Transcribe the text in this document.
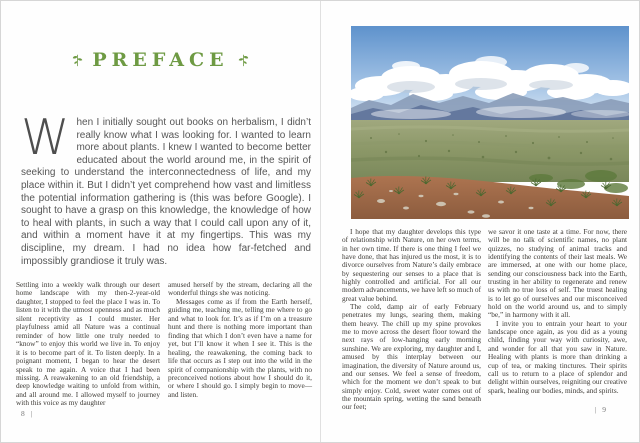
PREFACE

When I initially sought out books on herbalism, I didn’t really know what I was looking for. I wanted to learn more about plants. I knew I wanted to become better educated about the world around me, in the spirit of seeking to understand the interconnectedness of life, and my place within it. But I didn’t yet comprehend how vast and limitless the potential information gathering is (this was before Google). I sought to have a grasp on this knowledge, the knowledge of how to heal with plants, in such a way that I could call upon any of it, and within a moment have it at my fingertips. This was my discipline, my dream. I had no idea how far-fetched and impossibly grandiose it truly was.

Settling into a weekly walk through our desert home landscape with my then-2-year-old daughter, I stopped to feel the place I was in. To listen to it with the utmost openness and as much silent receptivity as I could muster. Her playfulness amid all Nature was a continual reminder of how little one truly needed to “know” to enjoy this world we live in. To enjoy it is to become part of it. To listen deeply. In a poignant moment, I began to hear the desert speak to me again. A voice that I had been missing. A reawakening to an old friendship, a deep knowledge waiting to unfold from within, and all around me. I allowed myself to journey with this voice as my daughter

amused herself by the stream, declaring all the wonderful things she was noticing.

Messages come as if from the Earth herself, guiding me, teaching me, telling me where to go and what to look for. It’s as if I’m on a treasure hunt and there is nothing more important than finding that which I don’t even have a name for yet, but I’ll know it when I see it. This is the healing, the reawakening, the coming back to life that occurs as I step out into the wild in the spirit of companionship with the plants, with no preconceived notions about how I should do it, or where I should go. I simply begin to move—and listen.

8 |

I hope that my daughter develops this type of relationship with Nature, on her own terms, in her own time. If there is one thing I feel we have done, that has injured us the most, it is to divorce ourselves from Nature’s daily embrace by sequestering our senses to a place that is highly controlled and artificial. For all our modern advancements, we have left so much of great value behind.

The cold, damp air of early February penetrates my lungs, searing them, making them heavy. The chill up my spine provokes me to move across the desert floor toward the next rays of low-hanging early morning sunshine. We are exploring, my daughter and I, amused by this interplay between our imagination, the diversity of Nature around us, and our senses. We feel a sense of freedom, which for the moment we don’t speak to but simply enjoy. Cold, sweet water comes out of the mountain spring, wetting the sand beneath our feet;

we savor it one taste at a time. For now, there will be no talk of scientific names, no plant quizzes, no studying of animal tracks and identifying the contents of their last meals. We are immersed, at one with our home place, sending our consciousness back into the Earth, trusting in her ability to regenerate and renew us with no true loss of self. The truest healing is to let go of ourselves and our misconceived hold on the world around us, and to simply “be,” in harmony with it all.

I invite you to entrain your heart to your landscape once again, as you did as a young child, finding your way with curiosity, awe, and wonder for all that you saw in Nature. Healing with plants is more than drinking a cup of tea, or making tinctures. Their spirits call us to return to a place of splendor and delight within ourselves, reigniting our creative spark, healing our bodies, minds, and spirits.

| 9
